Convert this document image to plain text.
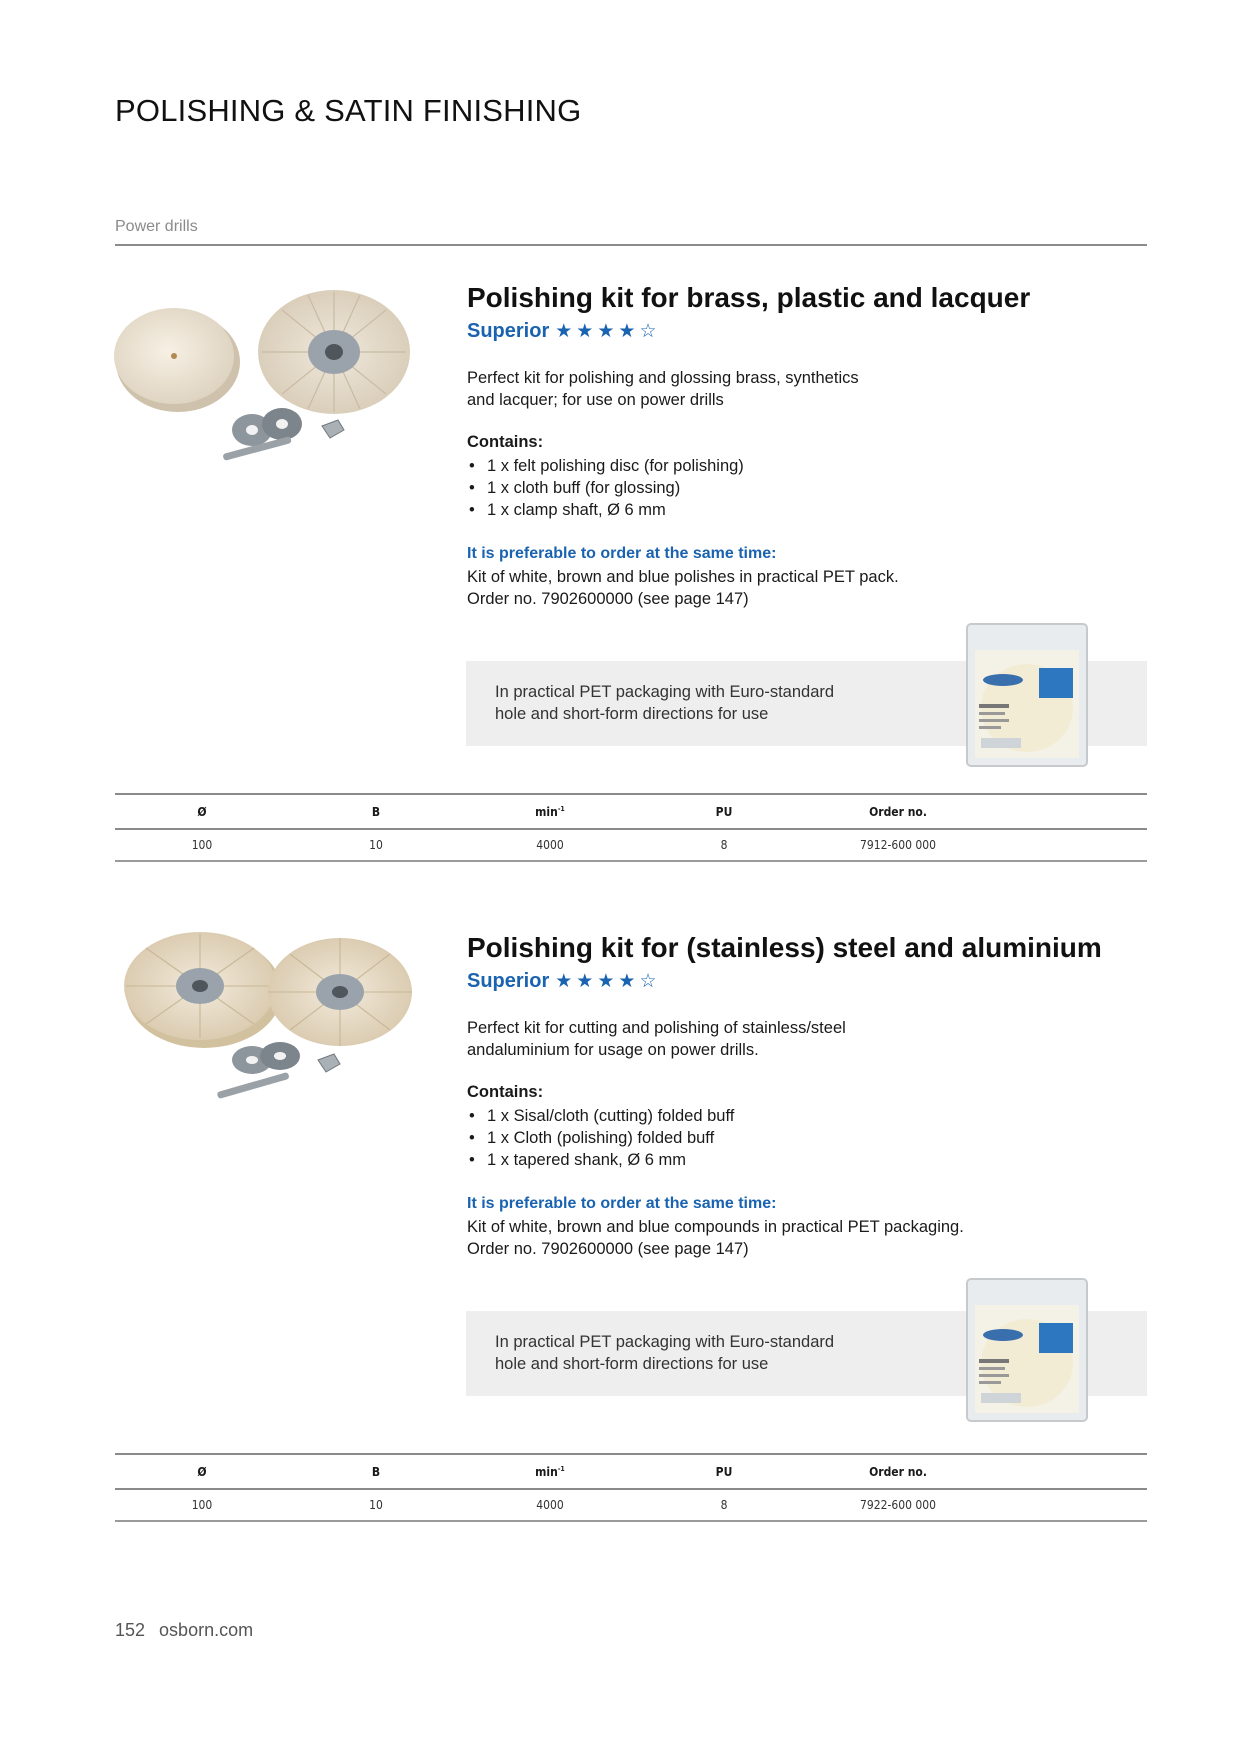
POLISHING & SATIN FINISHING
Power drills
Polishing kit for brass, plastic and lacquer
Superior ★ ★ ★ ★ ☆
Perfect kit for polishing and glossing brass, synthetics
and lacquer; for use on power drills
Contains:
• 1 x felt polishing disc (for polishing)
• 1 x cloth buff (for glossing)
• 1 x clamp shaft, Ø 6 mm
It is preferable to order at the same time:
Kit of white, brown and blue polishes in practical PET pack.
Order no. 7902600000 (see page 147)
In practical PET packaging with Euro-standard
hole and short-form directions for use
Ø	B	$\min^{-1}$	PU	Order no.	
100	10	4000	8	7912-600 000	
Polishing kit for (stainless) steel and aluminium
Superior ★ ★ ★ ★ ☆
Perfect kit for cutting and polishing of stainless/steel
andaluminium for usage on power drills.
Contains:
• 1 x Sisal/cloth (cutting) folded buff
• 1 x Cloth (polishing) folded buff
• 1 x tapered shank, Ø 6 mm
It is preferable to order at the same time:
Kit of white, brown and blue compounds in practical PET packaging.
Order no. 7902600000 (see page 147)
In practical PET packaging with Euro-standard
hole and short-form directions for use
Ø	B	$\min^{-1}$	PU	Order no.	
100	10	4000	8	7922-600 000	
152 osborn.com
